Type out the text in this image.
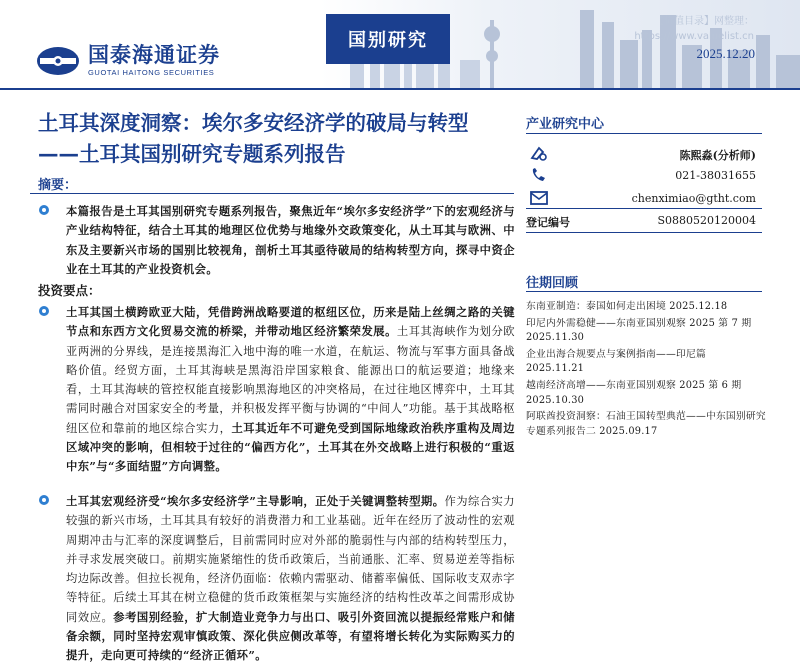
国泰海通证券
GUOTAI HAITONG SECURITIES
国别研究
【价值目录】网整理：
https://www.valuelist.cn
2025.12.20
土耳其深度洞察：埃尔多安经济学的破局与转型——土耳其国别研究专题系列报告
摘要：
本篇报告是土耳其国别研究专题系列报告，聚焦近年“埃尔多安经济学”下的宏观经济与产业结构特征，结合土耳其的地理区位优势与地缘外交政策变化，从土耳其与欧洲、中东及主要新兴市场的国别比较视角，剖析土耳其亟待破局的结构转型方向，探寻中资企业在土耳其的产业投资机会。
投资要点：
土耳其国土横跨欧亚大陆，凭借跨洲战略要道的枢纽区位，历来是陆上丝绸之路的关键节点和东西方文化贸易交流的桥梁，并带动地区经济繁荣发展。土耳其海峡作为划分欧亚两洲的分界线，是连接黑海汇入地中海的唯一水道，在航运、物流与军事方面具备战略价值。经贸方面，土耳其海峡是黑海沿岸国家粮食、能源出口的航运要道；地缘来看，土耳其海峡的管控权能直接影响黑海地区的冲突格局，在过往地区博弈中，土耳其需同时融合对国家安全的考量，并积极发挥平衡与协调的“中间人”功能。基于其战略枢纽区位和靠前的地区综合实力，土耳其近年不可避免受到国际地缘政治秩序重构及周边区域冲突的影响，但相较于过往的“偏西方化”，土耳其在外交战略上进行积极的“重返中东”与“多面结盟”方向调整。
土耳其宏观经济受“埃尔多安经济学”主导影响，正处于关键调整转型期。作为综合实力较强的新兴市场，土耳其具有较好的消费潜力和工业基础。近年在经历了波动性的宏观周期冲击与汇率的深度调整后，目前需同时应对外部的脆弱性与内部的结构转型压力，并寻求发展突破口。前期实施紧缩性的货币政策后，当前通胀、汇率、贸易逆差等指标均边际改善。但拉长视角，经济仍面临：依赖内需驱动、储蓄率偏低、国际收支双赤字等特征。后续土耳其在树立稳健的货币政策框架与实施经济的结构性改革之间需形成协同效应。参考国别经验，扩大制造业竞争力与出口、吸引外资回流以提振经常账户和储备余额，同时坚持宏观审慎政策、深化供应侧改革等，有望将增长转化为实际购买力的提升，走向更可持续的“经济正循环”。
产业研究中心
陈熙淼(分析师)
021-38031655
chenximiao@gtht.com
登记编号	S0880520120004
往期回顾
东南亚制造：泰国如何走出困境 2025.12.18
印尼内外需稳健——东南亚国别观察 2025 第 7 期 2025.11.30
企业出海合规要点与案例指南——印尼篇 2025.11.21
越南经济高增——东南亚国别观察 2025 第 6 期 2025.10.30
阿联酋投资洞察：石油王国转型典范——中东国别研究专题系列报告二 2025.09.17
